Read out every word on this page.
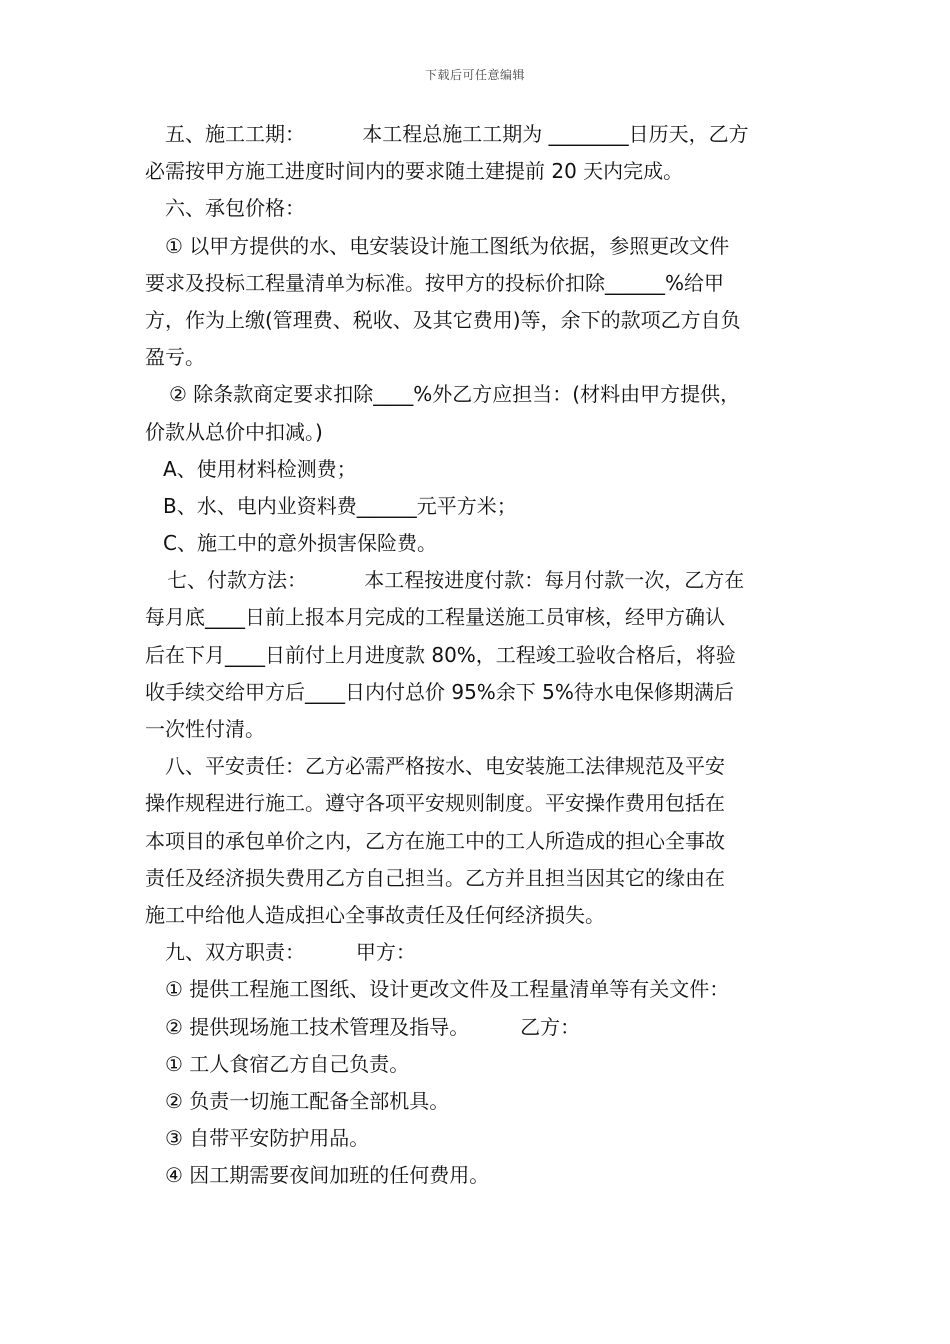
下载后可任意编辑
五、施工工期：         本工程总施工工期为 ________日历天，乙方
必需按甲方施工进度时间内的要求随土建提前 20 天内完成。
六、承包价格：
① 以甲方提供的水、电安装设计施工图纸为依据，参照更改文件
要求及投标工程量清单为标准。按甲方的投标价扣除______%给甲
方，作为上缴(管理费、税收、及其它费用)等，余下的款项乙方自负
盈亏。
② 除条款商定要求扣除____%外乙方应担当：(材料由甲方提供，
价款从总价中扣减。)
A、使用材料检测费；
B、水、电内业资料费______元平方米；
C、施工中的意外损害保险费。
七、付款方法：         本工程按进度付款：每月付款一次，乙方在
每月底____日前上报本月完成的工程量送施工员审核，经甲方确认
后在下月____日前付上月进度款 80%，工程竣工验收合格后，将验
收手续交给甲方后____日内付总价 95%余下 5%待水电保修期满后
一次性付清。
八、平安责任：乙方必需严格按水、电安装施工法律规范及平安
操作规程进行施工。遵守各项平安规则制度。平安操作费用包括在
本项目的承包单价之内，乙方在施工中的工人所造成的担心全事故
责任及经济损失费用乙方自己担当。乙方并且担当因其它的缘由在
施工中给他人造成担心全事故责任及任何经济损失。
九、双方职责：        甲方：
① 提供工程施工图纸、设计更改文件及工程量清单等有关文件：
② 提供现场施工技术管理及指导。        乙方：
① 工人食宿乙方自己负责。
② 负责一切施工配备全部机具。
③ 自带平安防护用品。
④ 因工期需要夜间加班的任何费用。
